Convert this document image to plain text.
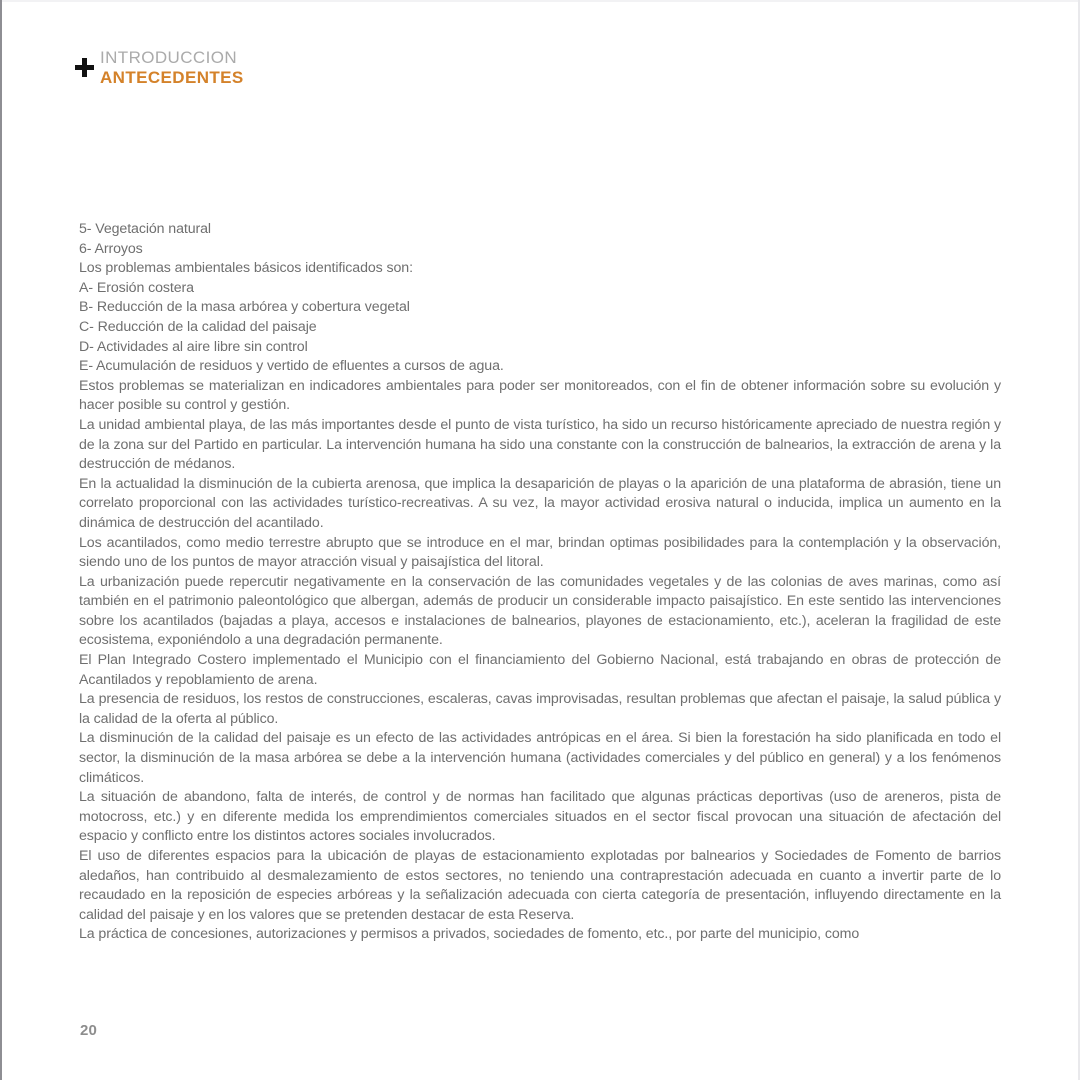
INTRODUCCION
ANTECEDENTES

5- Vegetación natural

6- Arroyos

Los problemas ambientales básicos identificados son:

A- Erosión costera

B- Reducción de la masa arbórea y cobertura vegetal

C- Reducción de la calidad del paisaje

D- Actividades al aire libre sin control

E- Acumulación de residuos y vertido de efluentes a cursos de agua.

Estos problemas se materializan en indicadores ambientales para poder ser monitoreados, con el fin de obtener información sobre su evolución y hacer posible su control y gestión.

La unidad ambiental playa, de las más importantes desde el punto de vista turístico, ha sido un recurso históricamente apreciado de nuestra región y de la zona sur del Partido en particular. La intervención humana ha sido una constante con la construcción de balnearios, la extracción de arena y la destrucción de médanos.

En la actualidad la disminución de la cubierta arenosa, que implica la desaparición de playas o la aparición de una plataforma de abrasión, tiene un correlato proporcional con las actividades turístico-recreativas. A su vez, la mayor actividad erosiva natural o inducida, implica un aumento en la dinámica de destrucción del acantilado.

Los acantilados, como medio terrestre abrupto que se introduce en el mar, brindan optimas posibilidades para la contemplación y la observación, siendo uno de los puntos de mayor atracción visual y paisajística del litoral.

La urbanización puede repercutir negativamente en la conservación de las comunidades vegetales y de las colonias de aves marinas, como así también en el patrimonio paleontológico que albergan, además de producir un considerable impacto paisajístico. En este sentido las intervenciones sobre los acantilados (bajadas a playa, accesos e instalaciones de balnearios, playones de estacionamiento, etc.), aceleran la fragilidad de este ecosistema, exponiéndolo a una degradación permanente.

El Plan Integrado Costero implementado el Municipio con el financiamiento del Gobierno Nacional, está trabajando en obras de protección de Acantilados y repoblamiento de arena.

La presencia de residuos, los restos de construcciones, escaleras, cavas improvisadas, resultan problemas que afectan el paisaje, la salud pública y la calidad de la oferta al público.

La disminución de la calidad del paisaje es un efecto de las actividades antrópicas en el área. Si bien la forestación ha sido planificada en todo el sector, la disminución de la masa arbórea se debe a la intervención humana (actividades comerciales y del público en general) y a los fenómenos climáticos.

La situación de abandono, falta de interés, de control y de normas han facilitado que algunas prácticas deportivas (uso de areneros, pista de motocross, etc.) y en diferente medida los emprendimientos comerciales situados en el sector fiscal provocan una situación de afectación del espacio y conflicto entre los distintos actores sociales involucrados.

El uso de diferentes espacios para la ubicación de playas de estacionamiento explotadas por balnearios y Sociedades de Fomento de barrios aledaños, han contribuido al desmalezamiento de estos sectores, no teniendo una contraprestación adecuada en cuanto a invertir parte de lo recaudado en la reposición de especies arbóreas y la señalización adecuada con cierta categoría de presentación, influyendo directamente en la calidad del paisaje y en los valores que se pretenden destacar de esta Reserva.

La práctica de concesiones, autorizaciones y permisos a privados, sociedades de fomento, etc., por parte del municipio, como

20
